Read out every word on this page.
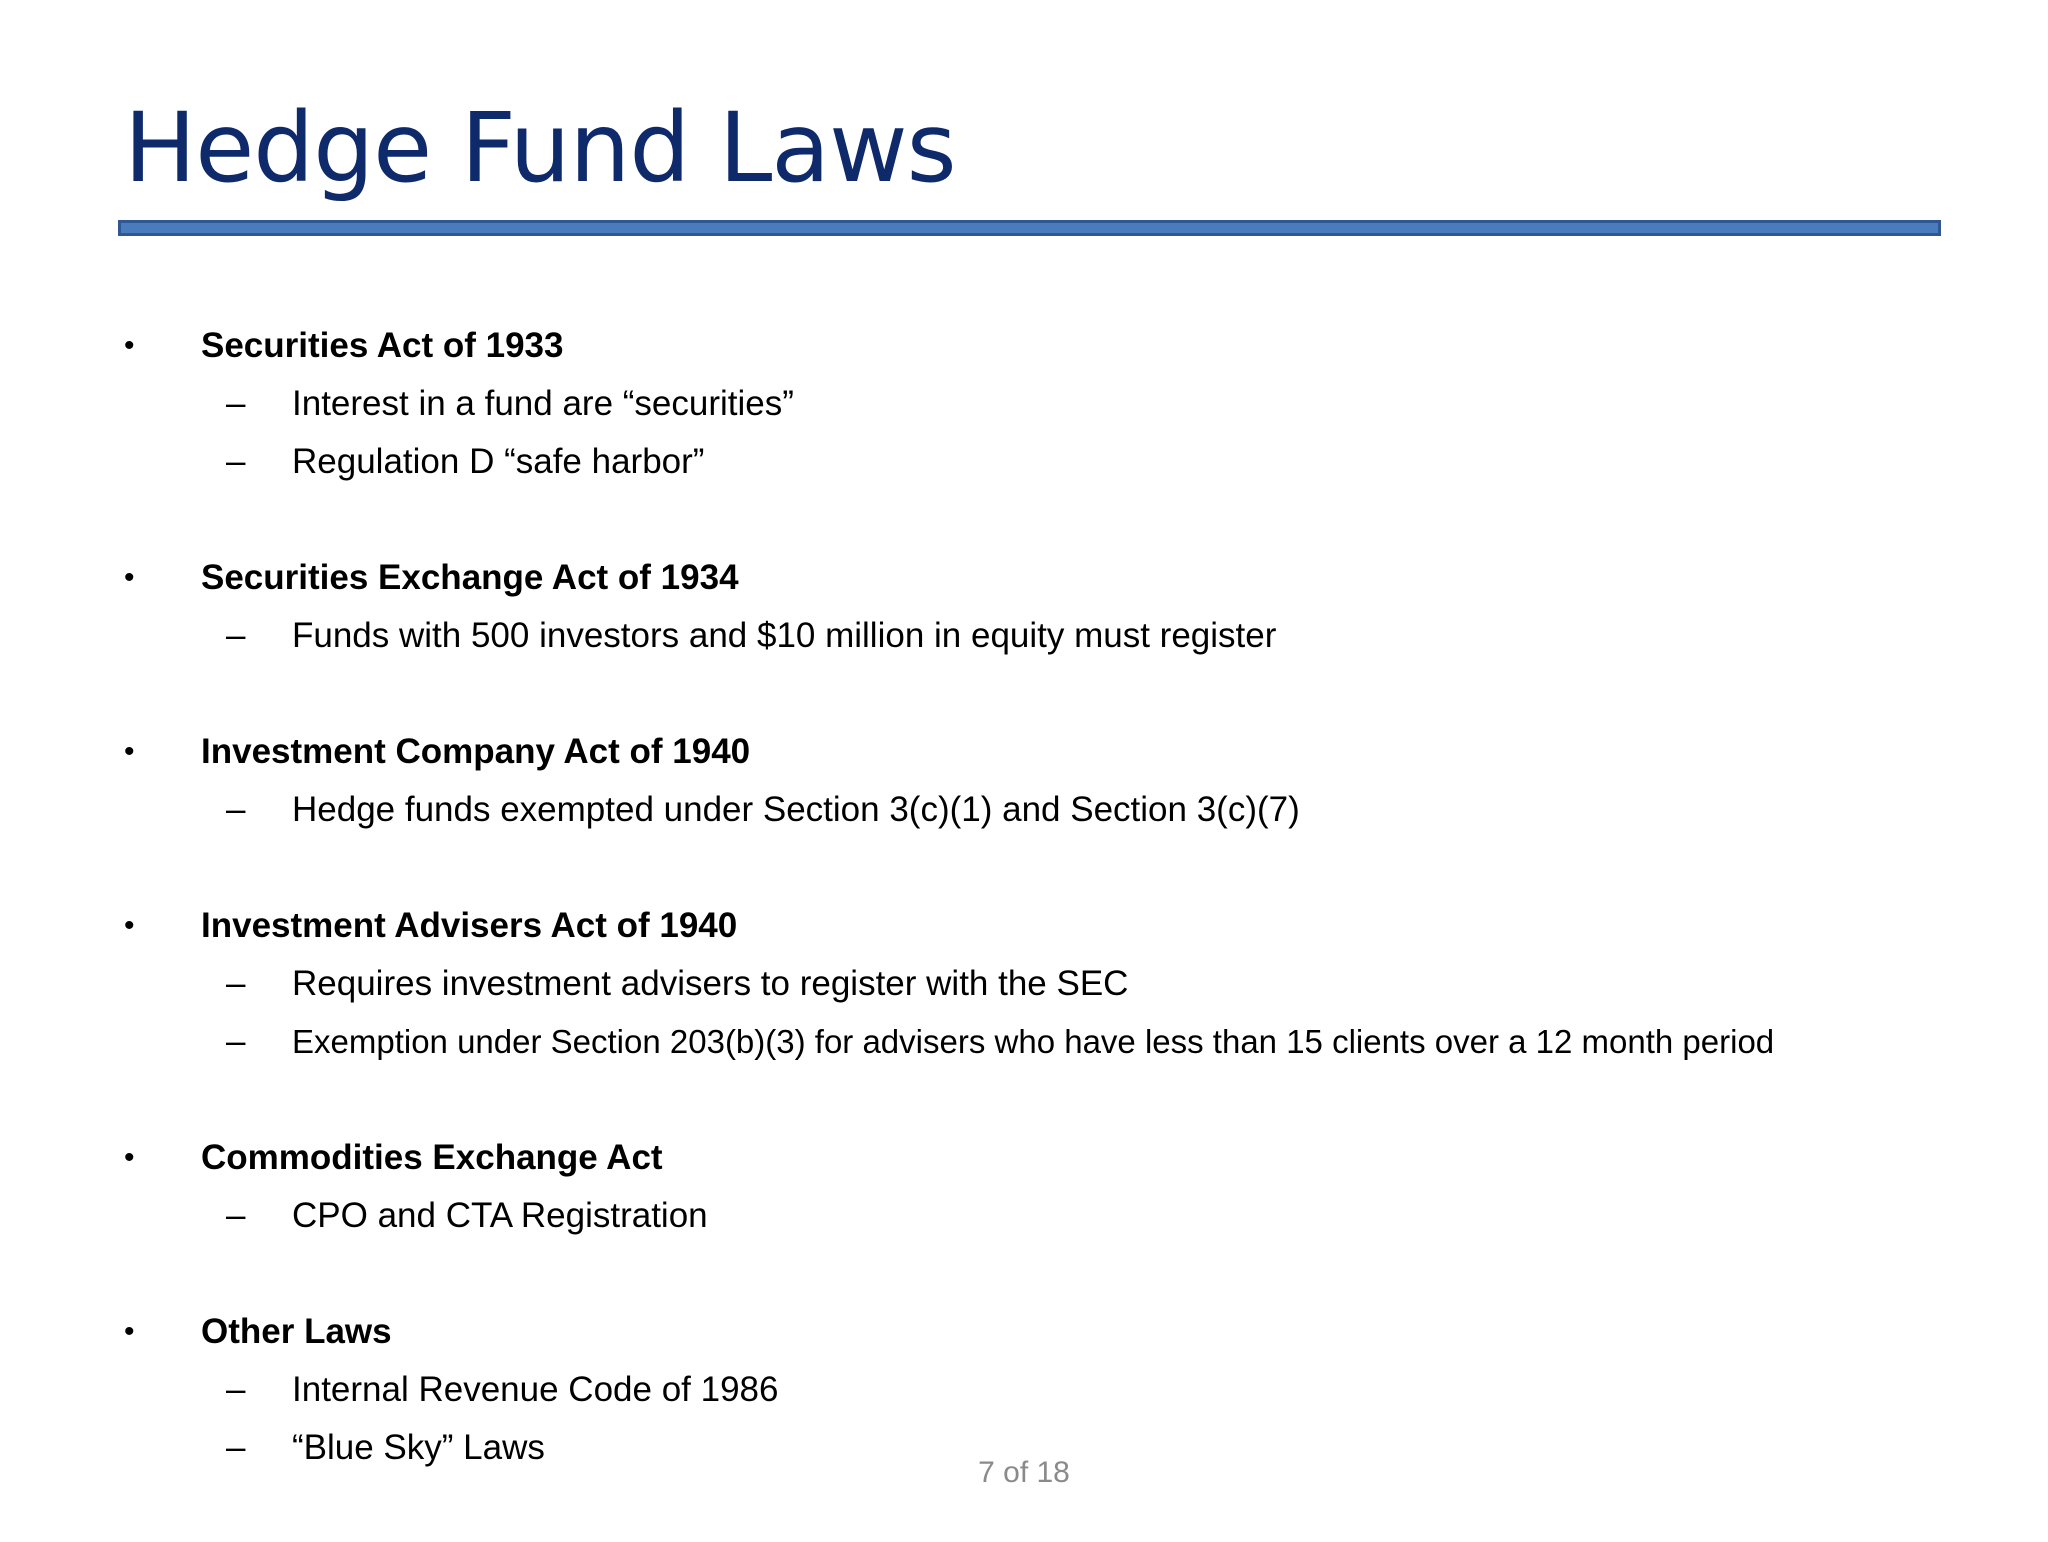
Hedge Fund Laws
• Securities Act of 1933
– Interest in a fund are “securities”
– Regulation D “safe harbor”
• Securities Exchange Act of 1934
– Funds with 500 investors and $10 million in equity must register
• Investment Company Act of 1940
– Hedge funds exempted under Section 3(c)(1) and Section 3(c)(7)
• Investment Advisers Act of 1940
– Requires investment advisers to register with the SEC
– Exemption under Section 203(b)(3) for advisers who have less than 15 clients over a 12 month period
• Commodities Exchange Act
– CPO and CTA Registration
• Other Laws
– Internal Revenue Code of 1986
– “Blue Sky” Laws
7 of 18
